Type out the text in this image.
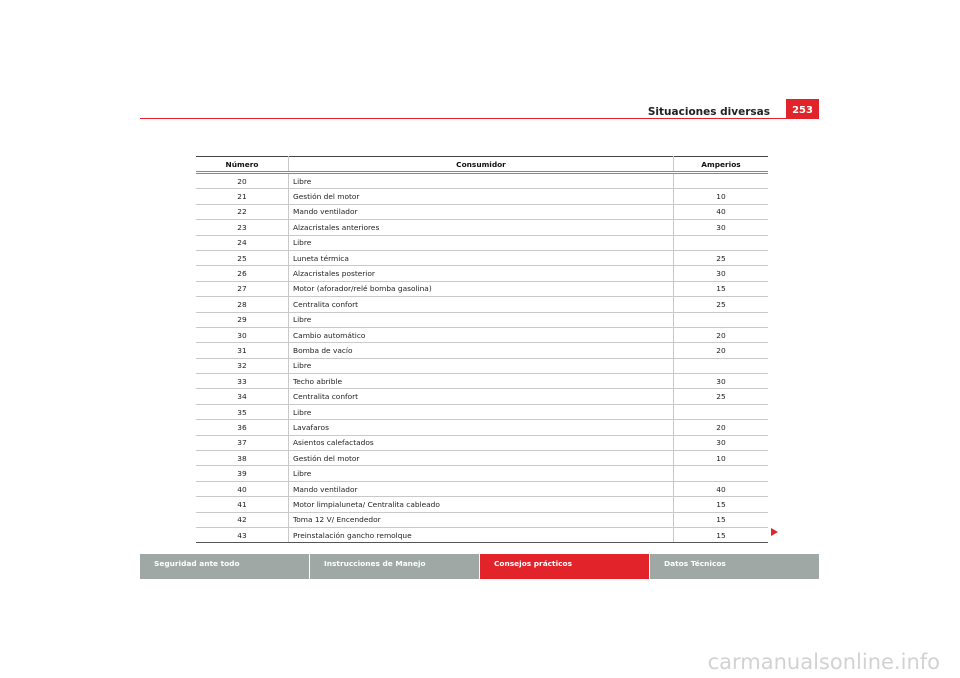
Situaciones diversas 253
Número	Consumidor	Amperios
20	Libre	
21	Gestión del motor	10
22	Mando ventilador	40
23	Alzacristales anteriores	30
24	Libre	
25	Luneta térmica	25
26	Alzacristales posterior	30
27	Motor (aforador/relé bomba gasolina)	15
28	Centralita confort	25
29	Libre	
30	Cambio automático	20
31	Bomba de vacío	20
32	Libre	
33	Techo abrible	30
34	Centralita confort	25
35	Libre	
36	Lavafaros	20
37	Asientos calefactados	30
38	Gestión del motor	10
39	Libre	
40	Mando ventilador	40
41	Motor limpialuneta/ Centralita cableado	15
42	Toma 12 V/ Encendedor	15
43	Preinstalación gancho remolque	15
Seguridad ante todo	Instrucciones de Manejo	Consejos prácticos	Datos Técnicos
carmanualsonline.info
